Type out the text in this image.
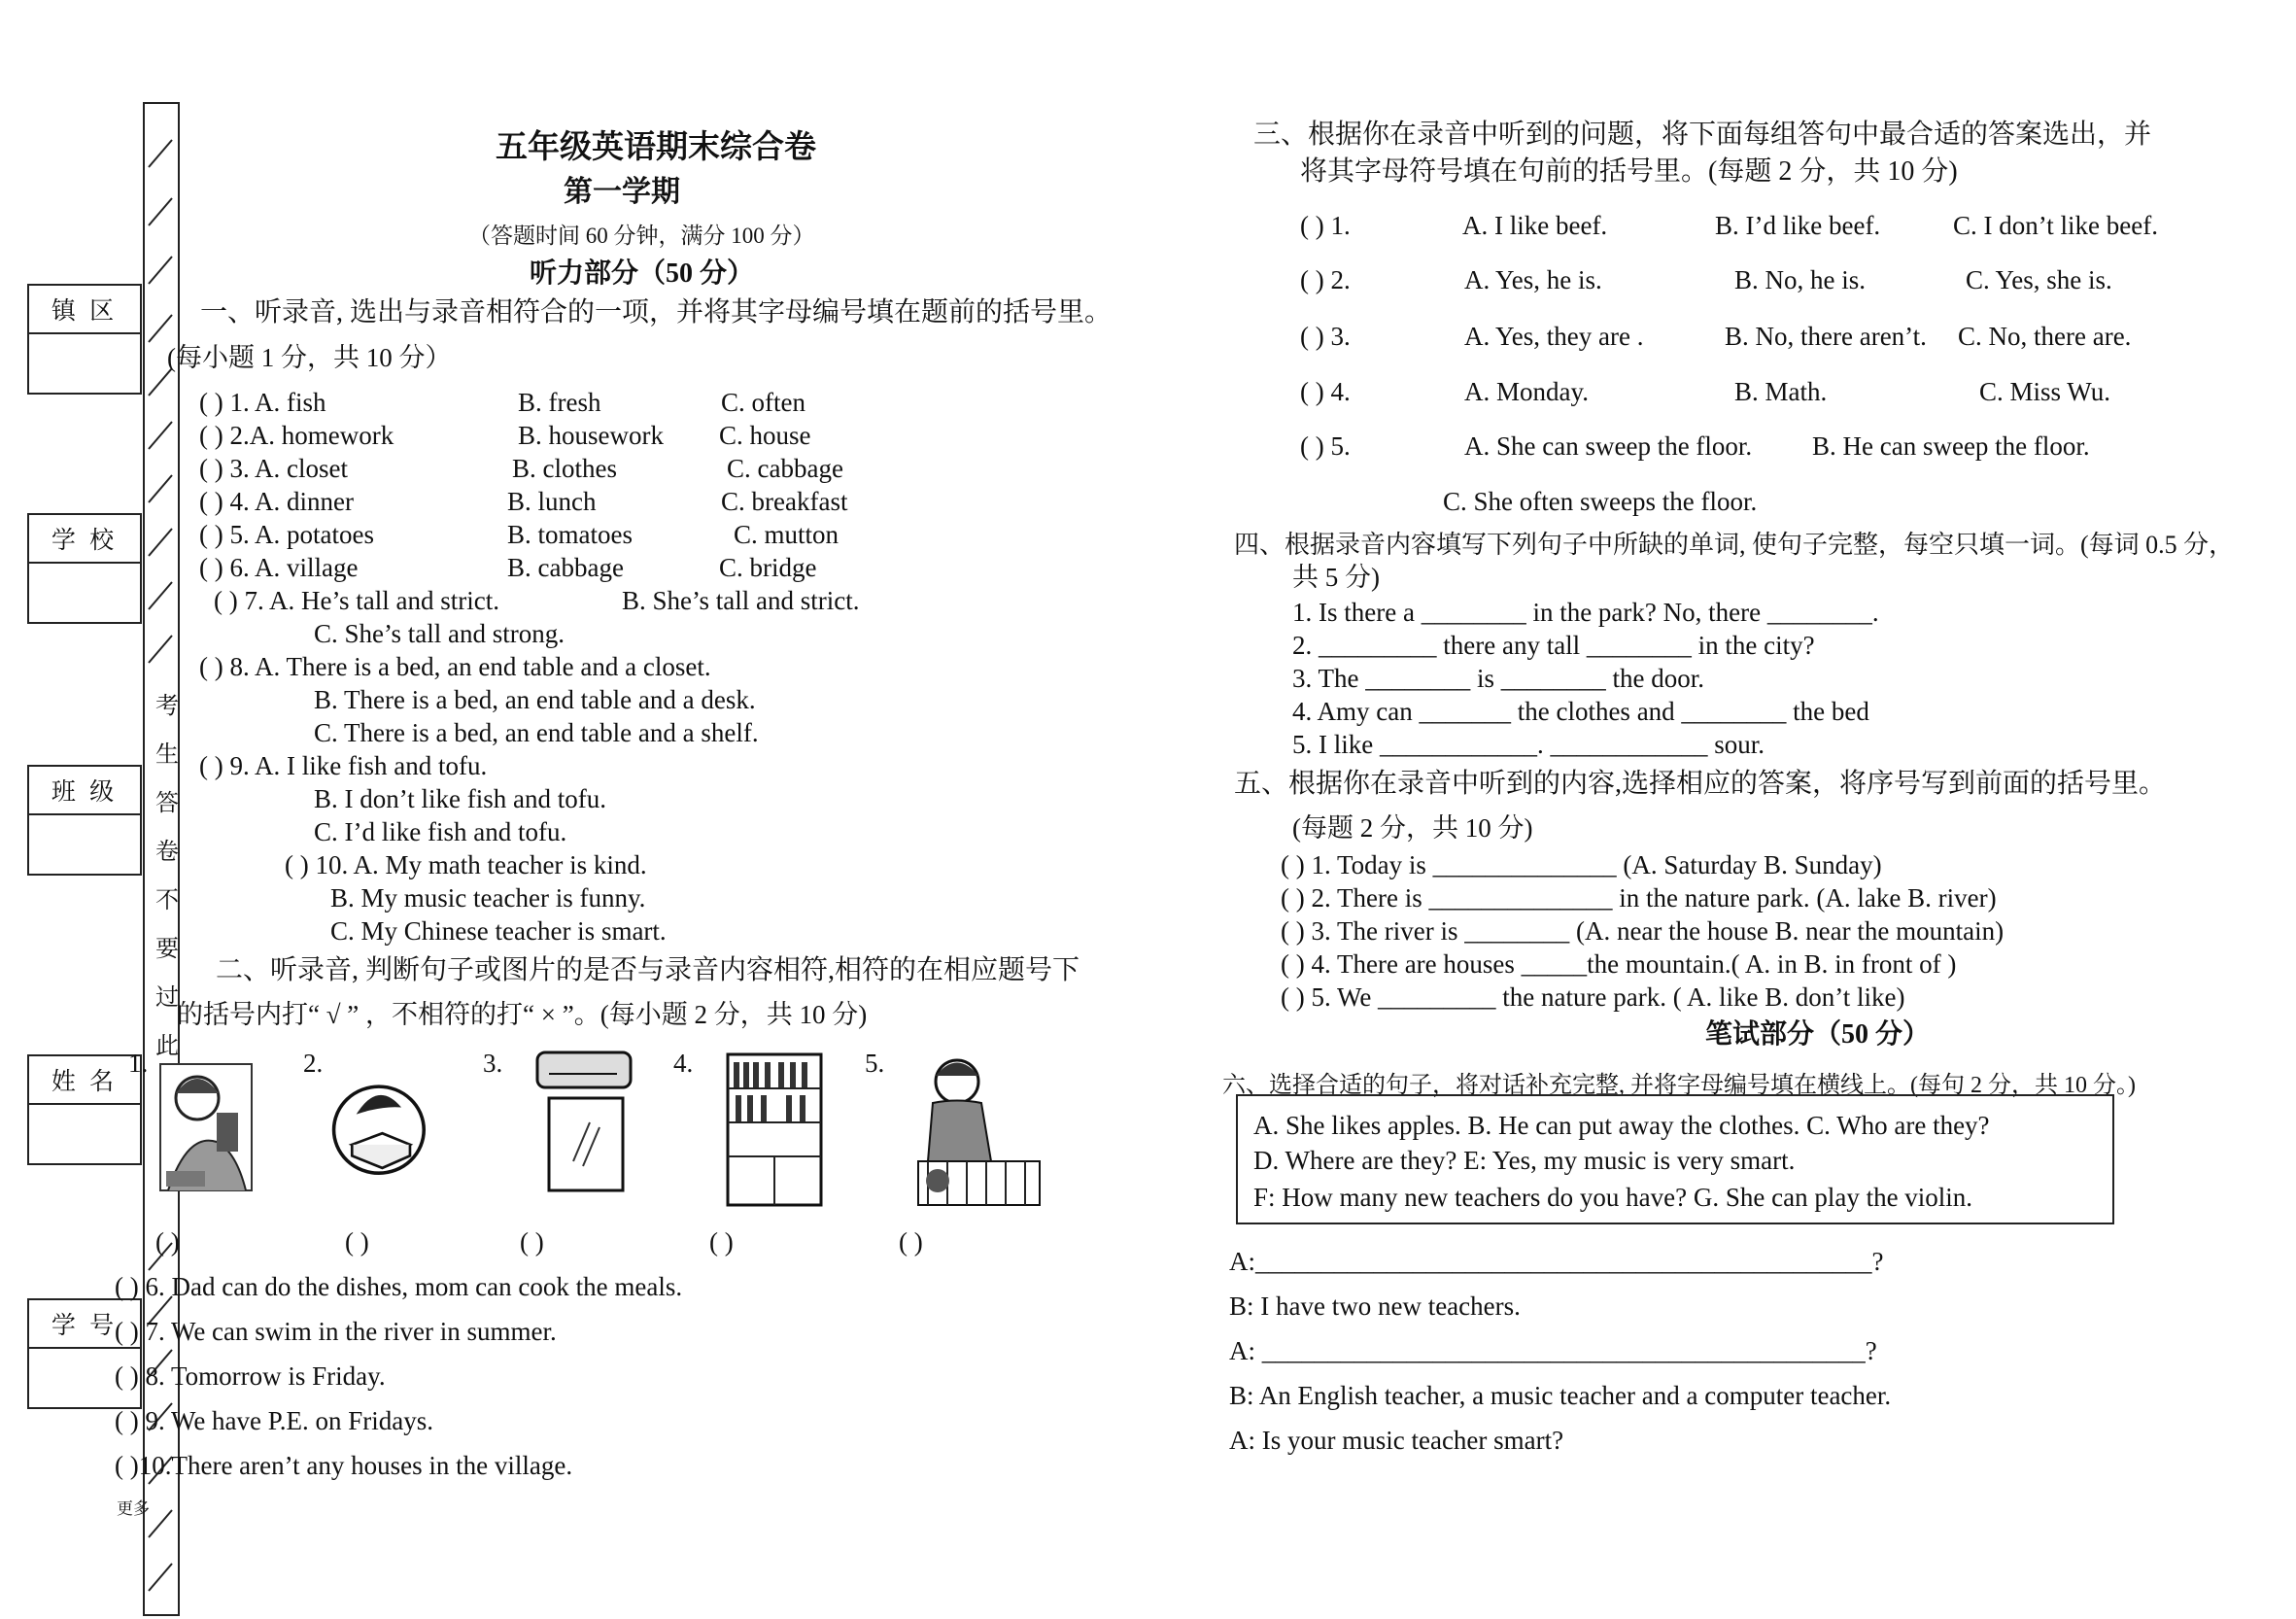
考
生
答
卷
不
要
过
此
镇 区
学 校
班 级
姓 名
学 号
五年级英语期末综合卷
第一学期
（答题时间 60 分钟，满分 100 分）
听力部分（50 分）
一、听录音, 选出与录音相符合的一项，并将其字母编号填在题前的括号里。
(每小题 1 分，共 10 分）
( ) 1. A. fish	B. fresh	C. often
( ) 2.A. homework	B. housework C. house
( ) 3. A. closet	B. clothes	C. cabbage
( ) 4. A. dinner	B. lunch	C. breakfast
( ) 5. A. potatoes	B. tomatoes	C. mutton
( ) 6. A. village	B. cabbage	C. bridge
( ) 7. A. He’s tall and strict.	B. She’s tall and strict.
C. She’s tall and strong.
( ) 8. A. There is a bed, an end table and a closet.
B. There is a bed, an end table and a desk.
C. There is a bed, an end table and a shelf.
( ) 9. A. I like fish and tofu.
B. I don’t like fish and tofu.
C. I’d like fish and tofu.
( ) 10. A. My math teacher is kind.
B. My music teacher is funny.
C. My Chinese teacher is smart.
二、听录音, 判断句子或图片的是否与录音内容相符,相符的在相应题号下
的括号内打“ √ ” ，不相符的打“ × ”。(每小题 2 分，共 10 分)
1.	2.	3.	4.	5.
( )	( )	( )	( )	( )
( ) 6. Dad can do the dishes, mom can cook the meals.
( ) 7. We can swim in the river in summer.
( ) 8. Tomorrow is Friday.
( ) 9. We have P.E. on Fridays.
( )10.There aren’t any houses in the village.
更多
三、根据你在录音中听到的问题，将下面每组答句中最合适的答案选出，并
将其字母符号填在句前的括号里。(每题 2 分，共 10 分)
( ) 1.	A. I like beef.	B. I’d like beef.	C. I don’t like beef.
( ) 2.	A. Yes, he is.	B. No, he is.	C. Yes, she is.
( ) 3.	A. Yes, they are .	B. No, there aren’t. C. No, there are.
( ) 4.	A. Monday.	B. Math.	C. Miss Wu.
( ) 5.	A. She can sweep the floor. B. He can sweep the floor.
C. She often sweeps the floor.
四、根据录音内容填写下列句子中所缺的单词, 使句子完整，每空只填一词。(每词 0.5 分，
共 5 分)
1. Is there a ________ in the park? No, there ________.
2. _________ there any tall ________ in the city?
3. The ________ is ________ the door.
4. Amy can _______ the clothes and ________ the bed
5. I like ____________. ____________ sour.
五、根据你在录音中听到的内容,选择相应的答案，将序号写到前面的括号里。
(每题 2 分，共 10 分)
( ) 1. Today is ______________ (A. Saturday B. Sunday)
( ) 2. There is ______________ in the nature park. (A. lake B. river)
( ) 3. The river is ________ (A. near the house B. near the mountain)
( ) 4. There are houses _____the mountain.( A. in B. in front of )
( ) 5. We _________ the nature park. ( A. like B. don’t like)
笔试部分（50 分）
六、选择合适的句子，将对话补充完整, 并将字母编号填在横线上。(每句 2 分，共 10 分。)
A. She likes apples. B. He can put away the clothes. C. Who are they?
D. Where are they? E: Yes, my music is very smart.
F: How many new teachers do you have? G. She can play the violin.
A:_______________________________________________?
B: I have two new teachers.
A: ______________________________________________?
B: An English teacher, a music teacher and a computer teacher.
A: Is your music teacher smart?
